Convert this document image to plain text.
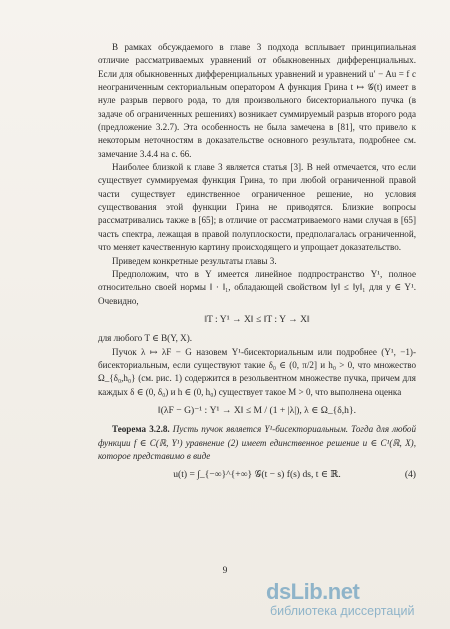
В рамках обсуждаемого в главе 3 подхода всплывает принципиальная отличие рассматриваемых уравнений от обыкновенных дифференциальных. Если для обыкновенных дифференциальных уравнений и уравнений u′ − Au = f с неограниченным секториальным оператором A функция Грина t ↦ 𝒢(t) имеет в нуле разрыв первого рода, то для произвольного бисекториального пучка (в задаче об ограниченных решениях) возникает суммируемый разрыв второго рода (предложение 3.2.7). Эта особенность не была замечена в [81], что привело к некоторым неточностям в доказательстве основного результата, подробнее см. замечание 3.4.4 на с. 66.

Наиболее близкой к главе 3 является статья [3]. В ней отмечается, что если существует суммируемая функция Грина, то при любой ограниченной правой части существует единственное ограниченное решение, но условия существования этой функции Грина не приводятся. Близкие вопросы рассматривались также в [65]; в отличие от рассматриваемого нами случая в [65] часть спектра, лежащая в правой полуплоскости, предполагалась ограниченной, что меняет качественную картину происходящего и упрощает доказательство.

Приведем конкретные результаты главы 3.

Предположим, что в Y имеется линейное подпространство Y¹, полное относительно своей нормы ‖ · ‖₁, обладающей свойством ‖y‖ ≤ ‖y‖₁ для y ∈ Y¹. Очевидно,

‖T : Y¹ → X‖ ≤ ‖T : Y → X‖

для любого T ∈ B(Y, X).

Пучок λ ↦ λF − G назовем Y¹-бисекториальным или подробнее (Y¹, −1)-бисекториальным, если существуют такие δ₀ ∈ (0, π/2] и h₀ > 0, что множество Ω_{δ₀,h₀} (см. рис. 1) содержится в резольвентном множестве пучка, причем для каждых δ ∈ (0, δ₀) и h ∈ (0, h₀) существует такое M > 0, что выполнена оценка

‖(λF − G)⁻¹ : Y¹ → X‖ ≤ M / (1 + |λ|), λ ∈ Ω_{δ,h}.

Теорема 3.2.8. Пусть пучок является Y¹-бисекториальным. Тогда для любой функции f ∈ C(ℝ, Y¹) уравнение (2) имеет единственное решение u ∈ C¹(ℝ, X), которое представимо в виде

u(t) = ∫_{−∞}^{+∞} 𝒢(t − s) f(s) ds, t ∈ ℝ.	(4)
9
dsLib.net
библиотека диссертаций
